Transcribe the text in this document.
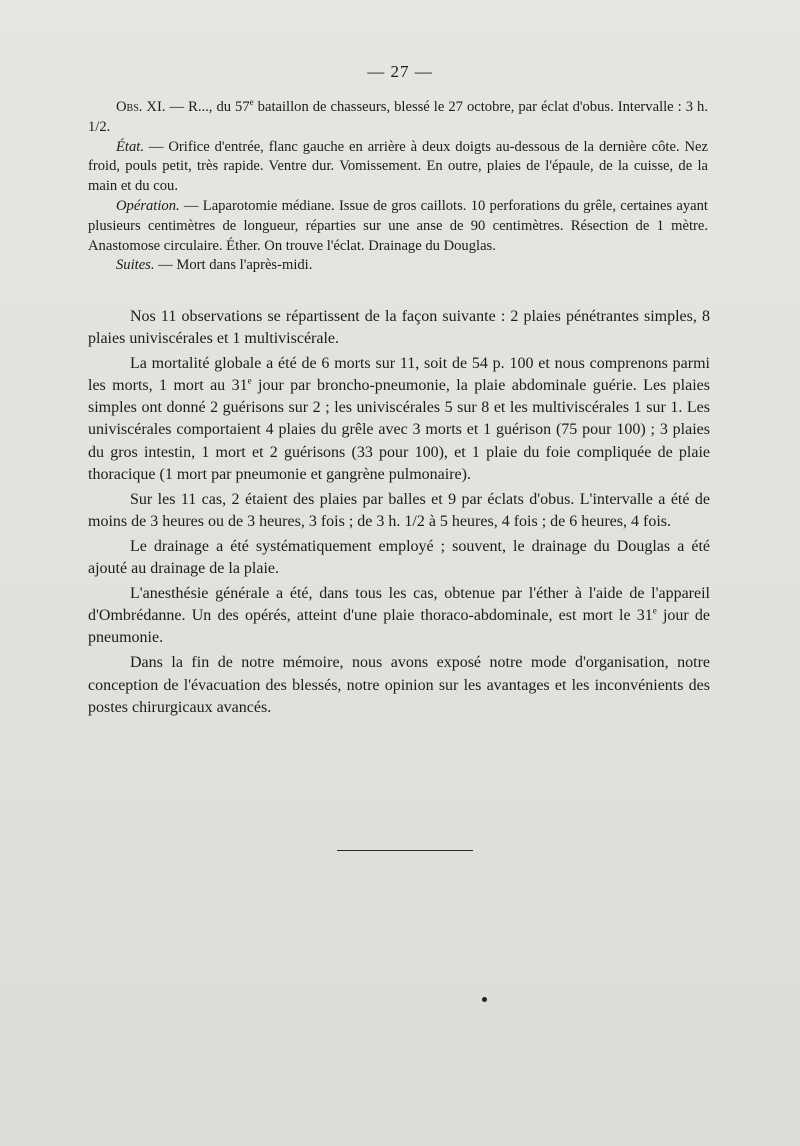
— 27 —

Obs. XI. — R..., du 57e bataillon de chasseurs, blessé le 27 octobre, par éclat d'obus. Intervalle : 3 h. 1/2.

État. — Orifice d'entrée, flanc gauche en arrière à deux doigts au-dessous de la dernière côte. Nez froid, pouls petit, très rapide. Ventre dur. Vomissement. En outre, plaies de l'épaule, de la cuisse, de la main et du cou.

Opération. — Laparotomie médiane. Issue de gros caillots. 10 perforations du grêle, certaines ayant plusieurs centimètres de longueur, réparties sur une anse de 90 centimètres. Résection de 1 mètre. Anastomose circulaire. Éther. On trouve l'éclat. Drainage du Douglas.

Suites. — Mort dans l'après-midi.

Nos 11 observations se répartissent de la façon suivante : 2 plaies pénétrantes simples, 8 plaies univiscérales et 1 multiviscérale.

La mortalité globale a été de 6 morts sur 11, soit de 54 p. 100 et nous comprenons parmi les morts, 1 mort au 31e jour par broncho-pneumonie, la plaie abdominale guérie. Les plaies simples ont donné 2 guérisons sur 2 ; les univiscérales 5 sur 8 et les multiviscérales 1 sur 1. Les univiscérales comportaient 4 plaies du grêle avec 3 morts et 1 guérison (75 pour 100) ; 3 plaies du gros intestin, 1 mort et 2 guérisons (33 pour 100), et 1 plaie du foie compliquée de plaie thoracique (1 mort par pneumonie et gangrène pulmonaire).

Sur les 11 cas, 2 étaient des plaies par balles et 9 par éclats d'obus. L'intervalle a été de moins de 3 heures ou de 3 heures, 3 fois ; de 3 h. 1/2 à 5 heures, 4 fois ; de 6 heures, 4 fois.

Le drainage a été systématiquement employé ; souvent, le drainage du Douglas a été ajouté au drainage de la plaie.

L'anesthésie générale a été, dans tous les cas, obtenue par l'éther à l'aide de l'appareil d'Ombrédanne. Un des opérés, atteint d'une plaie thoraco-abdominale, est mort le 31e jour de pneumonie.

Dans la fin de notre mémoire, nous avons exposé notre mode d'organisation, notre conception de l'évacuation des blessés, notre opinion sur les avantages et les inconvénients des postes chirurgicaux avancés.
